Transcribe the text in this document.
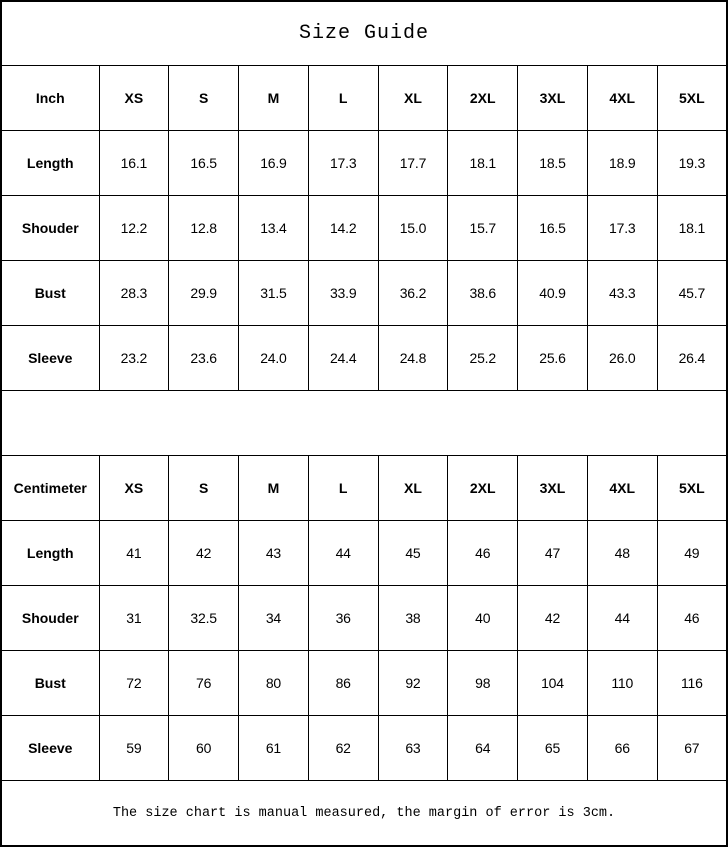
Size Guide									
Inch	XS	S	M	L	XL	2XL	3XL	4XL	5XL
Length	16.1	16.5	16.9	17.3	17.7	18.1	18.5	18.9	19.3
Shouder	12.2	12.8	13.4	14.2	15.0	15.7	16.5	17.3	18.1
Bust	28.3	29.9	31.5	33.9	36.2	38.6	40.9	43.3	45.7
Sleeve	23.2	23.6	24.0	24.4	24.8	25.2	25.6	26.0	26.4

Centimeter	XS	S	M	L	XL	2XL	3XL	4XL	5XL
Length	41	42	43	44	45	46	47	48	49
Shouder	31	32.5	34	36	38	40	42	44	46
Bust	72	76	80	86	92	98	104	110	116
Sleeve	59	60	61	62	63	64	65	66	67
The size chart is manual measured, the margin of error is 3cm.									
